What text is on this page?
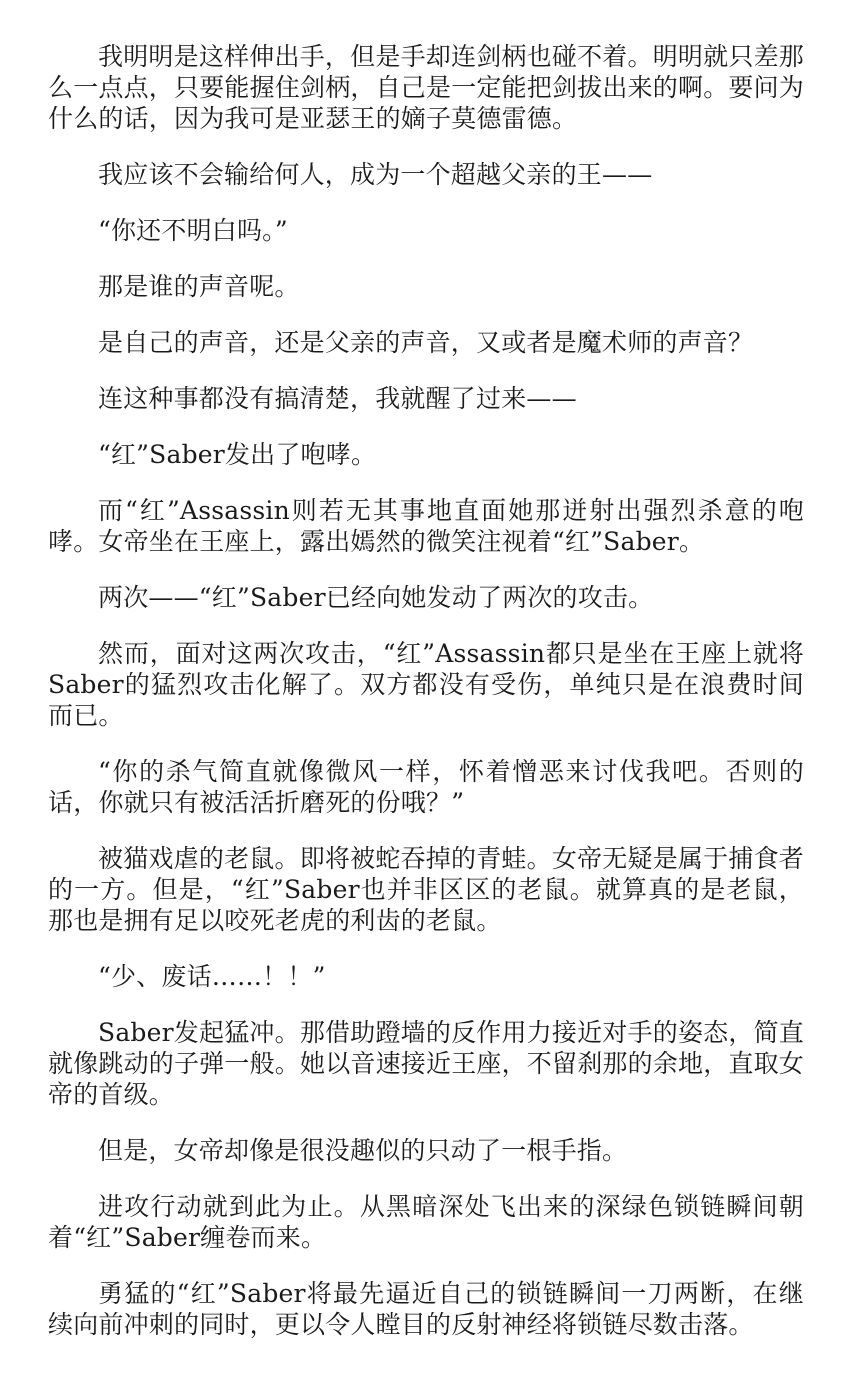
我明明是这样伸出手，但是手却连剑柄也碰不着。明明就只差那么一点点，只要能握住剑柄，自己是一定能把剑拔出来的啊。要问为什么的话，因为我可是亚瑟王的嫡子莫德雷德。

我应该不会输给何人，成为一个超越父亲的王——

“你还不明白吗。”

那是谁的声音呢。

是自己的声音，还是父亲的声音，又或者是魔术师的声音？

连这种事都没有搞清楚，我就醒了过来——

“红”Saber发出了咆哮。

而“红”Assassin则若无其事地直面她那迸射出强烈杀意的咆哮。女帝坐在王座上，露出嫣然的微笑注视着“红”Saber。

两次——“红”Saber已经向她发动了两次的攻击。

然而，面对这两次攻击，“红”Assassin都只是坐在王座上就将Saber的猛烈攻击化解了。双方都没有受伤，单纯只是在浪费时间而已。

“你的杀气简直就像微风一样，怀着憎恶来讨伐我吧。否则的话，你就只有被活活折磨死的份哦？”

被猫戏虐的老鼠。即将被蛇吞掉的青蛙。女帝无疑是属于捕食者的一方。但是，“红”Saber也并非区区的老鼠。就算真的是老鼠，那也是拥有足以咬死老虎的利齿的老鼠。

“少、废话……！！”

Saber发起猛冲。那借助蹬墙的反作用力接近对手的姿态，简直就像跳动的子弹一般。她以音速接近王座，不留刹那的余地，直取女帝的首级。

但是，女帝却像是很没趣似的只动了一根手指。

进攻行动就到此为止。从黑暗深处飞出来的深绿色锁链瞬间朝着“红”Saber缠卷而来。

勇猛的“红”Saber将最先逼近自己的锁链瞬间一刀两断，在继续向前冲刺的同时，更以令人瞠目的反射神经将锁链尽数击落。
